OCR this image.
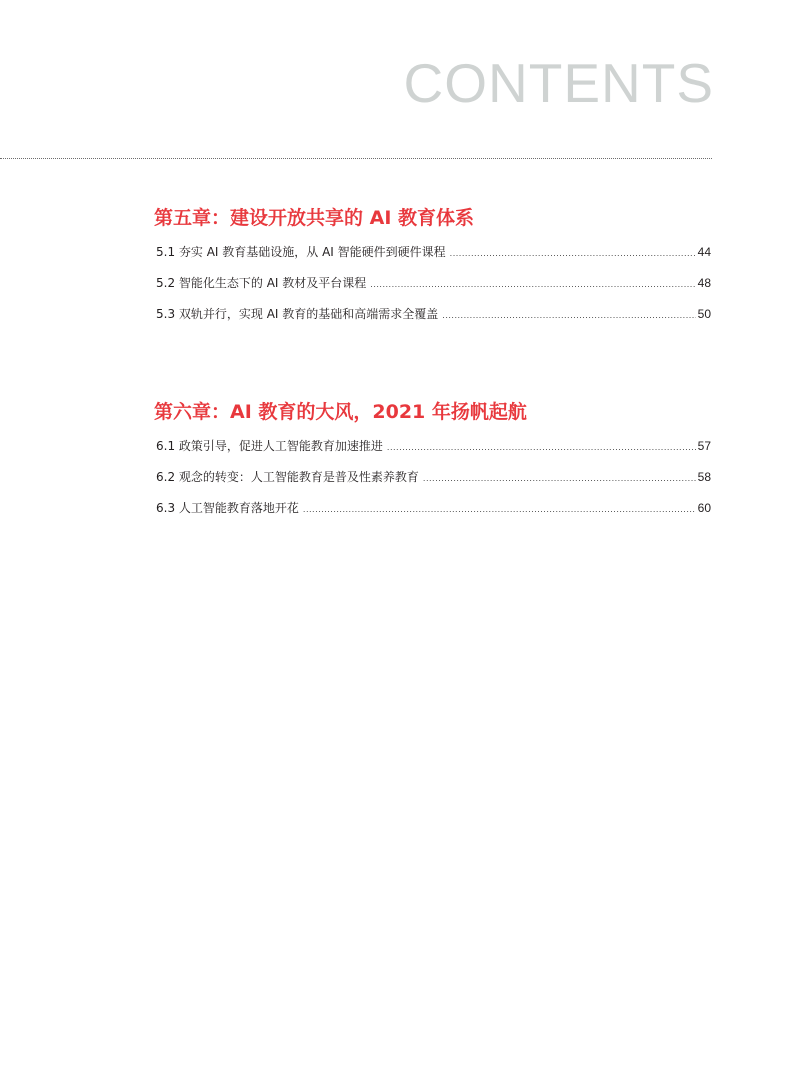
CONTENTS
第五章：建设开放共享的 AI 教育体系
5.1 夯实 AI 教育基础设施，从 AI 智能硬件到硬件课程 .....	44
5.2 智能化生态下的 AI 教材及平台课程 .....	48
5.3 双轨并行，实现 AI 教育的基础和高端需求全覆盖 .....	50
第六章：AI 教育的大风，2021 年扬帆起航
6.1 政策引导，促进人工智能教育加速推进 .....	57
6.2 观念的转变：人工智能教育是普及性素养教育 .....	58
6.3 人工智能教育落地开花 .....	60
